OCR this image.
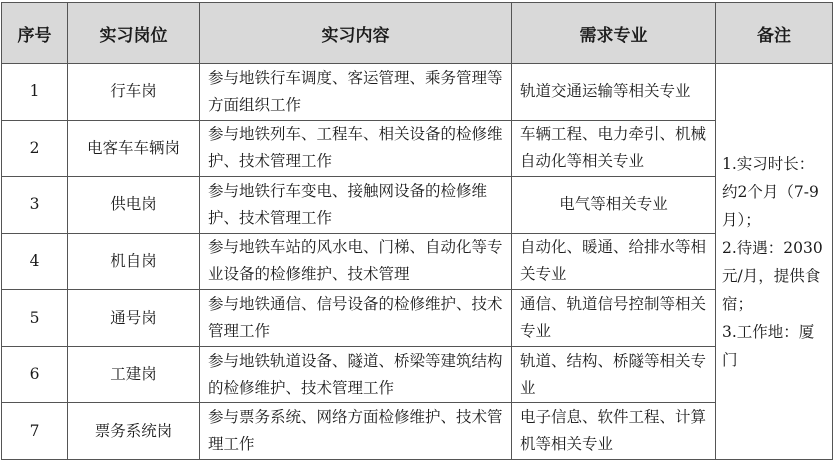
序号	实习岗位	实习内容	需求专业	备注
1	行车岗	参与地铁行车调度、客运管理、乘务管理等方面组织工作	轨道交通运输等相关专业	1.实习时长：约2个月（7-9月）；
2.待遇：2030元/月，提供食宿；
3.工作地：厦门

2	电客车车辆岗	参与地铁列车、工程车、相关设备的检修维护、技术管理工作	车辆工程、电力牵引、机械自动化等相关专业	
3	供电岗	参与地铁行车变电、接触网设备的检修维护、技术管理工作	电气等相关专业	
4	机自岗	参与地铁车站的风水电、门梯、自动化等专业设备的检修维护、技术管理	自动化、暖通、给排水等相关专业	
5	通号岗	参与地铁通信、信号设备的检修维护、技术管理工作	通信、轨道信号控制等相关专业	
6	工建岗	参与地铁轨道设备、隧道、桥梁等建筑结构的检修维护、技术管理工作	轨道、结构、桥隧等相关专业	
7	票务系统岗	参与票务系统、网络方面检修维护、技术管理工作	电子信息、软件工程、计算机等相关专业	
